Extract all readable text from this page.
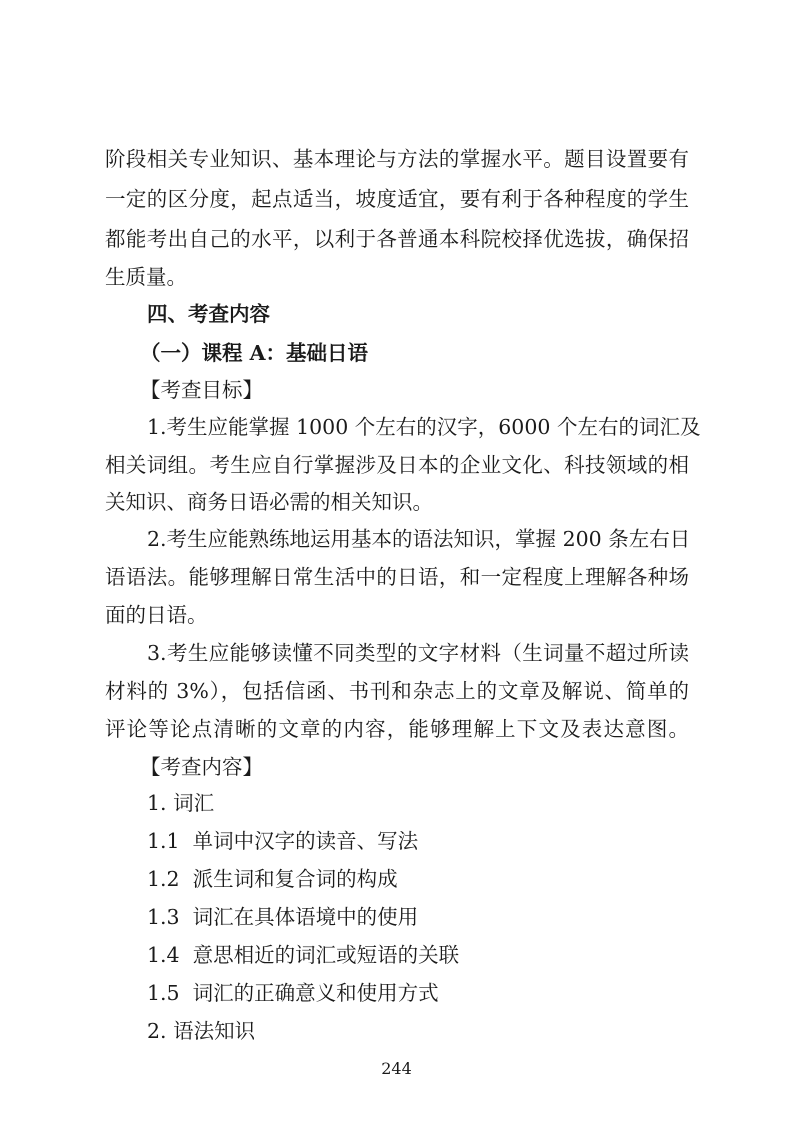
阶段相关专业知识、基本理论与方法的掌握水平。题目设置要有
一定的区分度，起点适当，坡度适宜，要有利于各种程度的学生
都能考出自己的水平，以利于各普通本科院校择优选拔，确保招
生质量。
四、考查内容
（一）课程 A：基础日语
【考查目标】
1.考生应能掌握 1000 个左右的汉字，6000 个左右的词汇及
相关词组。考生应自行掌握涉及日本的企业文化、科技领域的相
关知识、商务日语必需的相关知识。
2.考生应能熟练地运用基本的语法知识，掌握 200 条左右日
语语法。能够理解日常生活中的日语，和一定程度上理解各种场
面的日语。
3.考生应能够读懂不同类型的文字材料（生词量不超过所读
材料的 3%），包括信函、书刊和杂志上的文章及解说、简单的
评论等论点清晰的文章的内容，能够理解上下文及表达意图。
【考查内容】
1. 词汇
1.1  单词中汉字的读音、写法
1.2  派生词和复合词的构成
1.3  词汇在具体语境中的使用
1.4  意思相近的词汇或短语的关联
1.5  词汇的正确意义和使用方式
2. 语法知识
244
